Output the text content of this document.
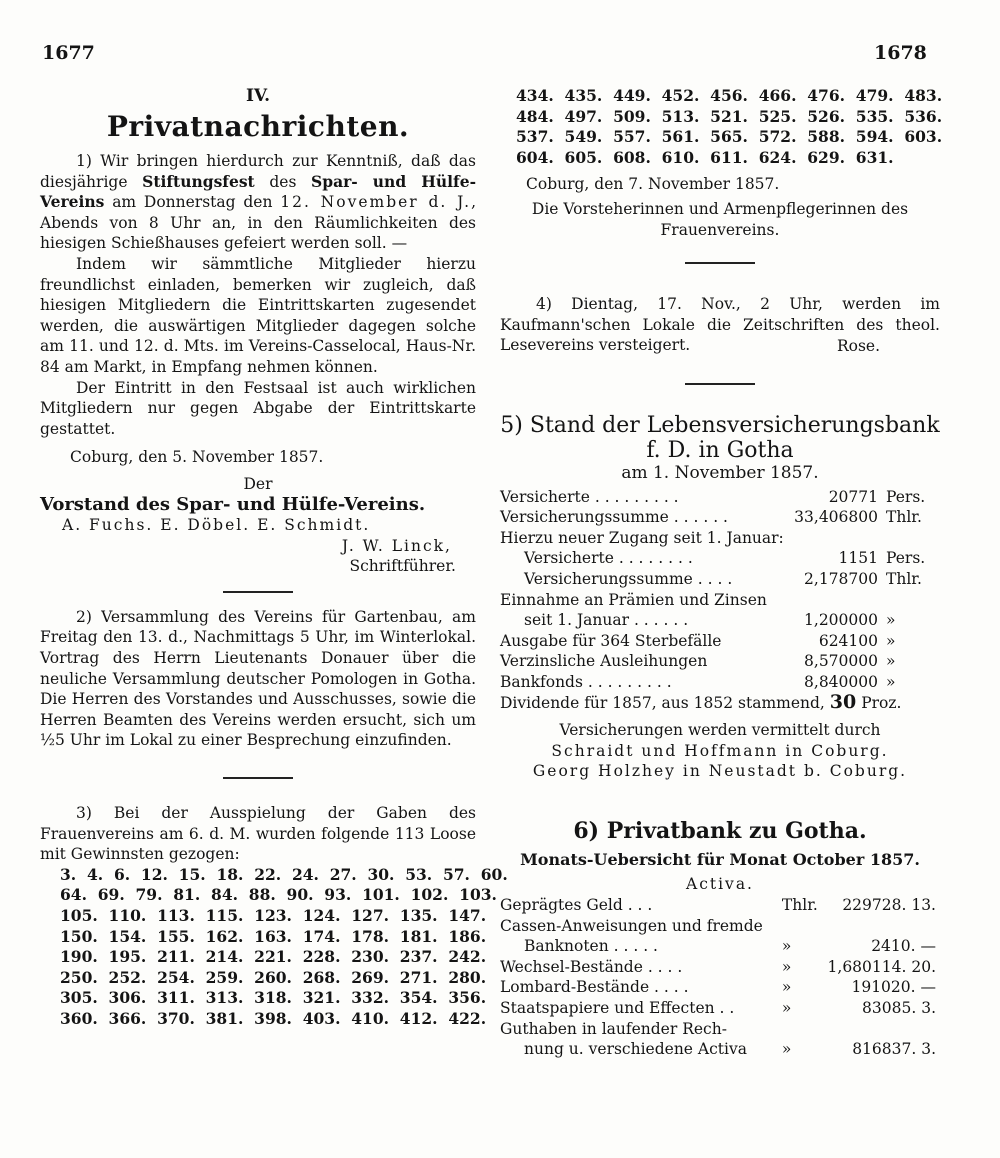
1677	1678

IV.

Privatnachrichten.

1) Wir bringen hierdurch zur Kenntniß, daß das diesjährige Stiftungsfest des Spar- und Hülfe-Vereins am Donnerstag den 12. November d. J., Abends von 8 Uhr an, in den Räumlichkeiten des hiesigen Schießhauses gefeiert werden soll. —

Indem wir sämmtliche Mitglieder hierzu freundlichst einladen, bemerken wir zugleich, daß hiesigen Mitgliedern die Eintrittskarten zugesendet werden, die auswärtigen Mitglieder dagegen solche am 11. und 12. d. Mts. im Vereins-Casselocal, Haus-Nr. 84 am Markt, in Empfang nehmen können.

Der Eintritt in den Festsaal ist auch wirklichen Mitgliedern nur gegen Abgabe der Eintrittskarte gestattet.

Coburg, den 5. November 1857.

Der

Vorstand des Spar- und Hülfe-Vereins.

A. Fuchs. E. Döbel. E. Schmidt.

J. W. Linck,

Schriftführer.

2) Versammlung des Vereins für Gartenbau, am Freitag den 13. d., Nachmittags 5 Uhr, im Winterlokal. Vortrag des Herrn Lieutenants Donauer über die neuliche Versammlung deutscher Pomologen in Gotha. Die Herren des Vorstandes und Ausschusses, sowie die Herren Beamten des Vereins werden ersucht, sich um ½5 Uhr im Lokal zu einer Besprechung einzufinden.

3) Bei der Ausspielung der Gaben des Frauenvereins am 6. d. M. wurden folgende 113 Loose mit Gewinnsten gezogen:

3.  4.  6.  12.  15.  18.  22.  24.  27.  30.  53.  57.  60.

64.  69.  79.  81.  84.  88.  90.  93.  101.  102.  103.

105.  110.  113.  115.  123.  124.  127.  135.  147.

150.  154.  155.  162.  163.  174.  178.  181.  186.

190.  195.  211.  214.  221.  228.  230.  237.  242.

250.  252.  254.  259.  260.  268.  269.  271.  280.

305.  306.  311.  313.  318.  321.  332.  354.  356.

360.  366.  370.  381.  398.  403.  410.  412.  422.

434.  435.  449.  452.  456.  466.  476.  479.  483.

484.  497.  509.  513.  521.  525.  526.  535.  536.

537.  549.  557.  561.  565.  572.  588.  594.  603.

604.  605.  608.  610.  611.  624.  629.  631.

Coburg, den 7. November 1857.

Die Vorsteherinnen und Armenpflegerinnen des Frauenvereins.

4) Dientag, 17. Nov., 2 Uhr, werden im Kaufmann'schen Lokale die Zeitschriften des theol. Lesevereins versteigert.	Rose.

5) Stand der Lebensversicherungsbank

f. D. in Gotha

am 1. November 1857.

Versicherte . . . . . . . . .	20771	Pers.
Versicherungssumme . . . . . .	33,406800	Thlr.
Hierzu neuer Zugang seit 1. Januar:		
Versicherte . . . . . . . .	1151	Pers.
Versicherungssumme . . . .	2,178700	Thlr.
Einnahme an Prämien und Zinsen		
seit 1. Januar . . . . . .	1,200000	»
Ausgabe für 364 Sterbefälle	624100	»
Verzinsliche Ausleihungen	8,570000	»
Bankfonds . . . . . . . . .	8,840000	»

Dividende für 1857, aus 1852 stammend, 30 Proz.

Versicherungen werden vermittelt durch

Schraidt und Hoffmann in Coburg.

Georg Holzhey in Neustadt b. Coburg.

6) Privatbank zu Gotha.

Monats-Uebersicht für Monat October 1857.

Activa.

Geprägtes Geld . . .	Thlr.	229728. 13.
Cassen-Anweisungen und fremde		
Banknoten . . . . .	»	2410. —
Wechsel-Bestände . . . .	»	1,680114. 20.
Lombard-Bestände . . . .	»	191020. —
Staatspapiere und Effecten . .	»	83085. 3.
Guthaben in laufender Rech-		
nung u. verschiedene Activa	»	816837. 3.
